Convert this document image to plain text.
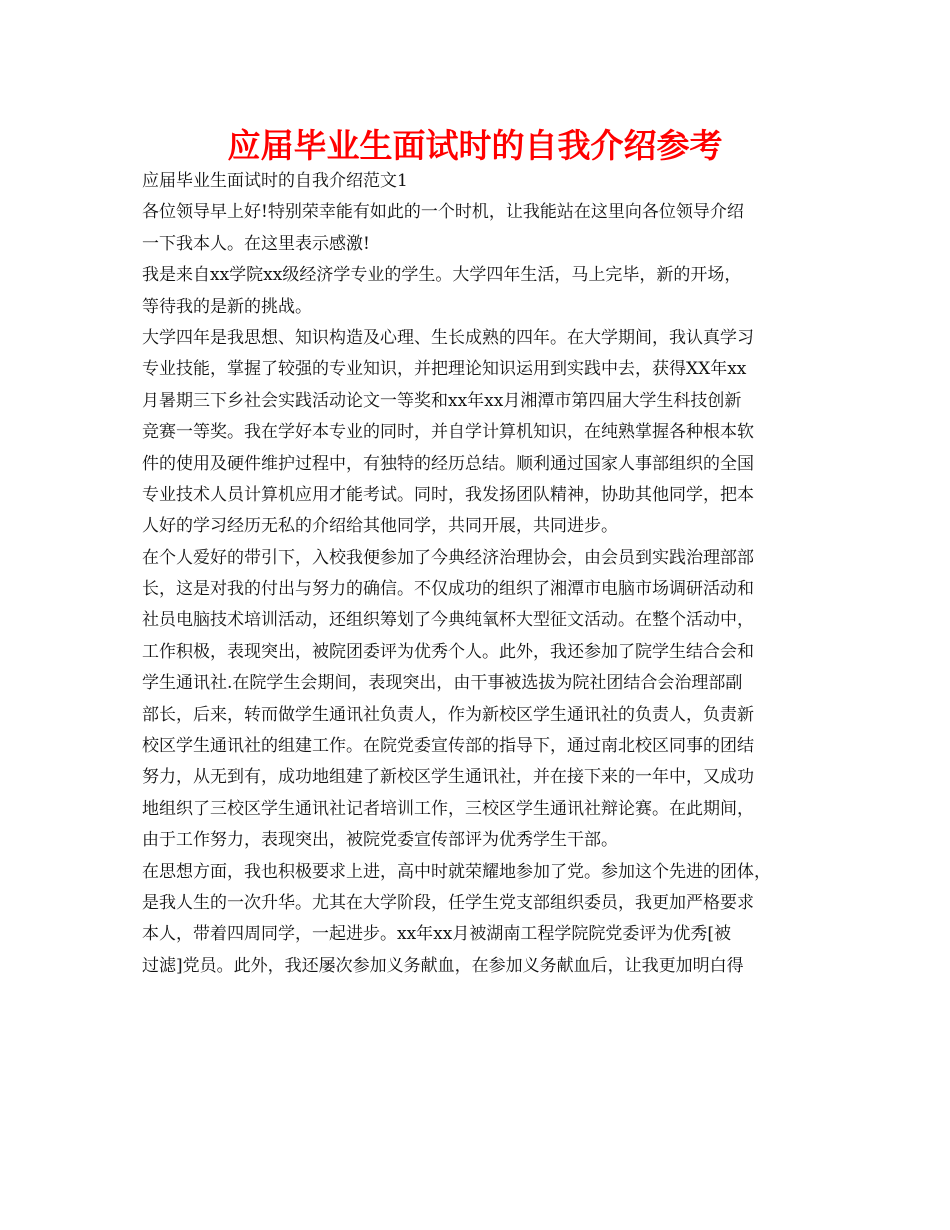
应届毕业生面试时的自我介绍参考
应届毕业生面试时的自我介绍范文1
各位领导早上好!特别荣幸能有如此的一个时机，让我能站在这里向各位领导介绍
一下我本人。在这里表示感激!
我是来自xx学院xx级经济学专业的学生。大学四年生活，马上完毕，新的开场，
等待我的是新的挑战。
大学四年是我思想、知识构造及心理、生长成熟的四年。在大学期间，我认真学习
专业技能，掌握了较强的专业知识，并把理论知识运用到实践中去，获得XX年xx
月暑期三下乡社会实践活动论文一等奖和xx年xx月湘潭市第四届大学生科技创新
竞赛一等奖。我在学好本专业的同时，并自学计算机知识，在纯熟掌握各种根本软
件的使用及硬件维护过程中，有独特的经历总结。顺利通过国家人事部组织的全国
专业技术人员计算机应用才能考试。同时，我发扬团队精神，协助其他同学，把本
人好的学习经历无私的介绍给其他同学，共同开展，共同进步。
在个人爱好的带引下，入校我便参加了今典经济治理协会，由会员到实践治理部部
长，这是对我的付出与努力的确信。不仅成功的组织了湘潭市电脑市场调研活动和
社员电脑技术培训活动，还组织筹划了今典纯氧杯大型征文活动。在整个活动中，
工作积极，表现突出，被院团委评为优秀个人。此外，我还参加了院学生结合会和
学生通讯社.在院学生会期间，表现突出，由干事被选拔为院社团结合会治理部副
部长，后来，转而做学生通讯社负责人，作为新校区学生通讯社的负责人，负责新
校区学生通讯社的组建工作。在院党委宣传部的指导下，通过南北校区同事的团结
努力，从无到有，成功地组建了新校区学生通讯社，并在接下来的一年中，又成功
地组织了三校区学生通讯社记者培训工作，三校区学生通讯社辩论赛。在此期间，
由于工作努力，表现突出，被院党委宣传部评为优秀学生干部。
在思想方面，我也积极要求上进，高中时就荣耀地参加了党。参加这个先进的团体，
是我人生的一次升华。尤其在大学阶段，任学生党支部组织委员，我更加严格要求
本人，带着四周同学，一起进步。xx年xx月被湖南工程学院院党委评为优秀[被
过滤]党员。此外，我还屡次参加义务献血，在参加义务献血后，让我更加明白得
